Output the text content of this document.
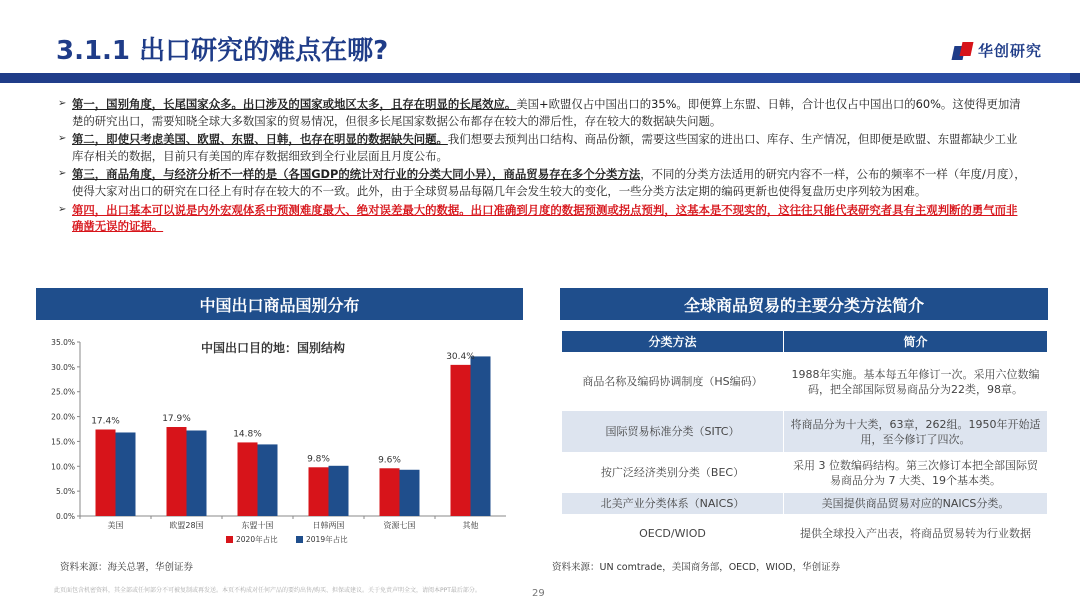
3.1.1 出口研究的难点在哪?	华创研究
➢ 第一，国别角度，长尾国家众多。出口涉及的国家或地区太多，且存在明显的长尾效应。美国+欧盟仅占中国出口的35%。即便算上东盟、日韩，合计也仅占中国出口的60%。这使得更加清楚的研究出口，需要知晓全球大多数国家的贸易情况，但很多长尾国家数据公布都存在较大的滞后性，存在较大的数据缺失问题。
➢ 第二，即使只考虑美国、欧盟、东盟、日韩，也存在明显的数据缺失问题。我们想要去预判出口结构、商品份额，需要这些国家的进出口、库存、生产情况，但即便是欧盟、东盟都缺少工业库存相关的数据，目前只有美国的库存数据细致到全行业层面且月度公布。
➢ 第三，商品角度，与经济分析不一样的是（各国GDP的统计对行业的分类大同小异），商品贸易存在多个分类方法，不同的分类方法适用的研究内容不一样，公布的频率不一样（年度/月度），使得大家对出口的研究在口径上有时存在较大的不一致。此外，由于全球贸易品每隔几年会发生较大的变化，一些分类方法定期的编码更新也使得复盘历史序列较为困难。
➢ 第四，出口基本可以说是内外宏观体系中预测难度最大、绝对误差最大的数据。出口准确到月度的数据预测或拐点预判，这基本是不现实的，这往往只能代表研究者具有主观判断的勇气而非确凿无误的证据。
中国出口商品国别分布	全球商品贸易的主要分类方法简介
中国出口目的地：国别结构
0.0%
5.0%
10.0%
15.0%
20.0%
25.0%
30.0%
35.0%
17.4%
美国
17.9%
欧盟28国
14.8%
东盟十国
9.8%
日韩两国
9.6%
资源七国
30.4%
其他
2020年占比	2019年占比
资料来源：海关总署，华创证券
分类方法	简介
商品名称及编码协调制度（HS编码）	1988年实施。基本每五年修订一次。采用六位数编码，把全部国际贸易商品分为22类，98章。
国际贸易标准分类（SITC）	将商品分为十大类，63章，262组。1950年开始适用，至今修订了四次。
按广泛经济类别分类（BEC）	采用 3 位数编码结构。第三次修订本把全部国际贸易商品分为 7 大类、19个基本类。
北美产业分类体系（NAICS）	美国提供商品贸易对应的NAICS分类。
OECD/WIOD	提供全球投入产出表，将商品贸易转为行业数据
资料来源：UN comtrade，美国商务部，OECD，WIOD，华创证券
此页面包含机密资料，其全部或任何部分不可被复制或再发送。本页不构成对任何产品的要约出售/购买、担保或建议。关于免责声明全文，请阅本PPT最后部分。	29
